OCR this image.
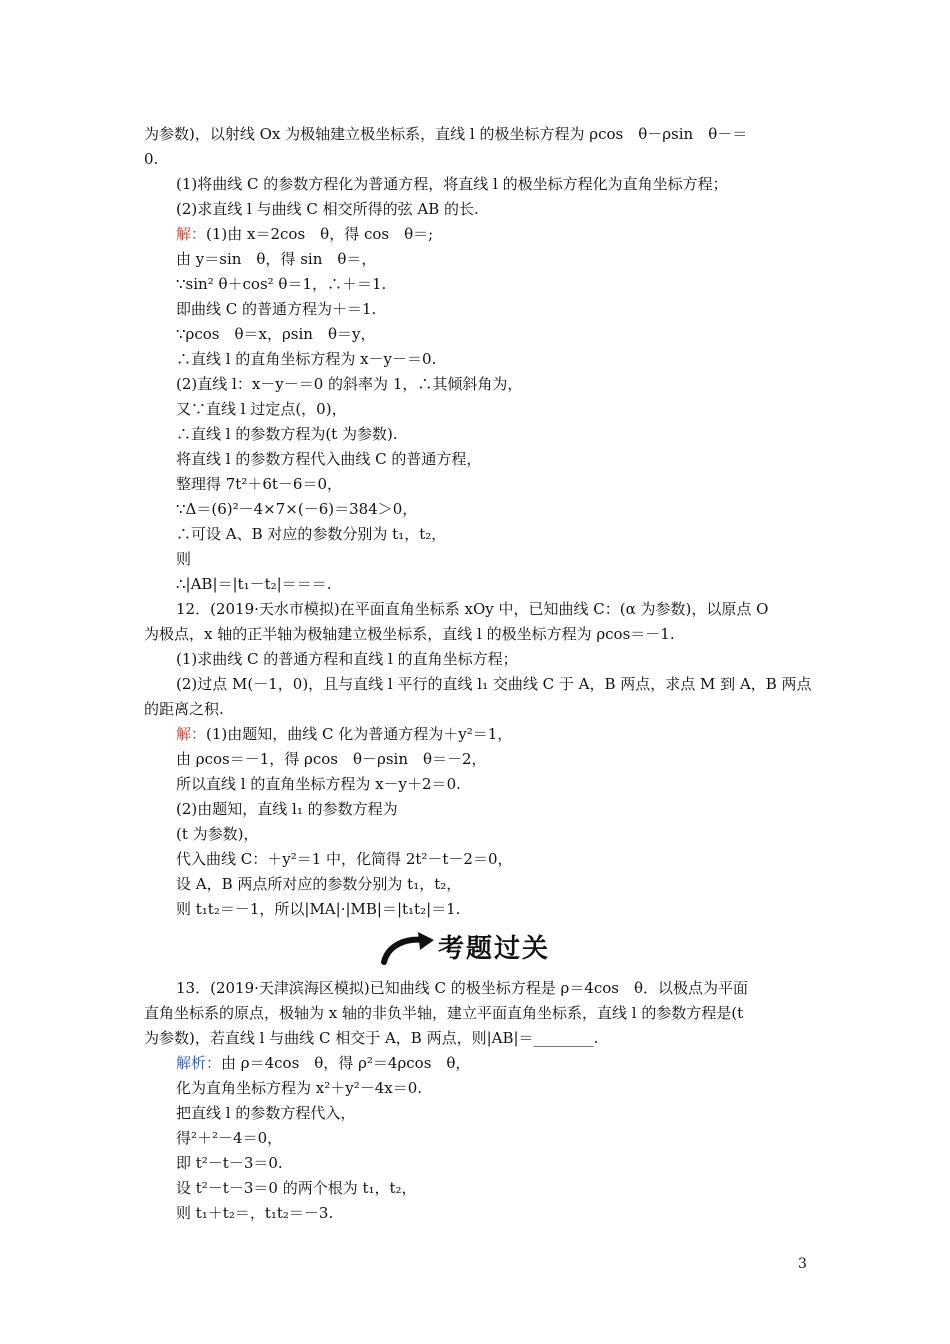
为参数)，以射线 Ox 为极轴建立极坐标系，直线 l 的极坐标方程为 ρcos　θ－ρsin　θ－＝
0.
(1)将曲线 C 的参数方程化为普通方程，将直线 l 的极坐标方程化为直角坐标方程；
(2)求直线 l 与曲线 C 相交所得的弦 AB 的长.
解：(1)由 x＝2cos　θ，得 cos　θ＝;
由 y＝sin　θ，得 sin　θ＝，
∵sin² θ＋cos² θ＝1，∴＋＝1.
即曲线 C 的普通方程为＋＝1.
∵ρcos　θ＝x，ρsin　θ＝y，
∴直线 l 的直角坐标方程为 x－y－＝0.
(2)直线 l：x－y－＝0 的斜率为 1，∴其倾斜角为，
又∵直线 l 过定点(，0)，
∴直线 l 的参数方程为(t 为参数).
将直线 l 的参数方程代入曲线 C 的普通方程，
整理得 7t²＋6t－6＝0，
∵Δ＝(6)²－4×7×(－6)＝384＞0，
∴可设 A、B 对应的参数分别为 t₁，t₂，
则
∴|AB|＝|t₁－t₂|＝＝＝.
12．(2019·天水市模拟)在平面直角坐标系 xOy 中，已知曲线 C：(α 为参数)，以原点 O
为极点，x 轴的正半轴为极轴建立极坐标系，直线 l 的极坐标方程为 ρcos＝－1.
(1)求曲线 C 的普通方程和直线 l 的直角坐标方程；
(2)过点 M(－1，0)，且与直线 l 平行的直线 l₁ 交曲线 C 于 A，B 两点，求点 M 到 A，B 两点
的距离之积.
解：(1)由题知，曲线 C 化为普通方程为＋y²＝1，
由 ρcos＝－1，得 ρcos　θ－ρsin　θ＝－2，
所以直线 l 的直角坐标方程为 x－y＋2＝0.
(2)由题知，直线 l₁ 的参数方程为
(t 为参数)，
代入曲线 C：＋y²＝1 中，化简得 2t²－t－2＝0，
设 A，B 两点所对应的参数分别为 t₁，t₂，
则 t₁t₂＝－1，所以|MA|·|MB|＝|t₁t₂|＝1.
13．(2019·天津滨海区模拟)已知曲线 C 的极坐标方程是 ρ＝4cos　θ．以极点为平面
直角坐标系的原点，极轴为 x 轴的非负半轴，建立平面直角坐标系，直线 l 的参数方程是(t
为参数)，若直线 l 与曲线 C 相交于 A，B 两点，则|AB|＝________.
解析：由 ρ＝4cos　θ，得 ρ²＝4ρcos　θ，
化为直角坐标方程为 x²＋y²－4x＝0.
把直线 l 的参数方程代入，
得²＋²－4＝0，
即 t²－t－3＝0.
设 t²－t－3＝0 的两个根为 t₁，t₂，
则 t₁＋t₂＝，t₁t₂＝－3.
考题过关
3
